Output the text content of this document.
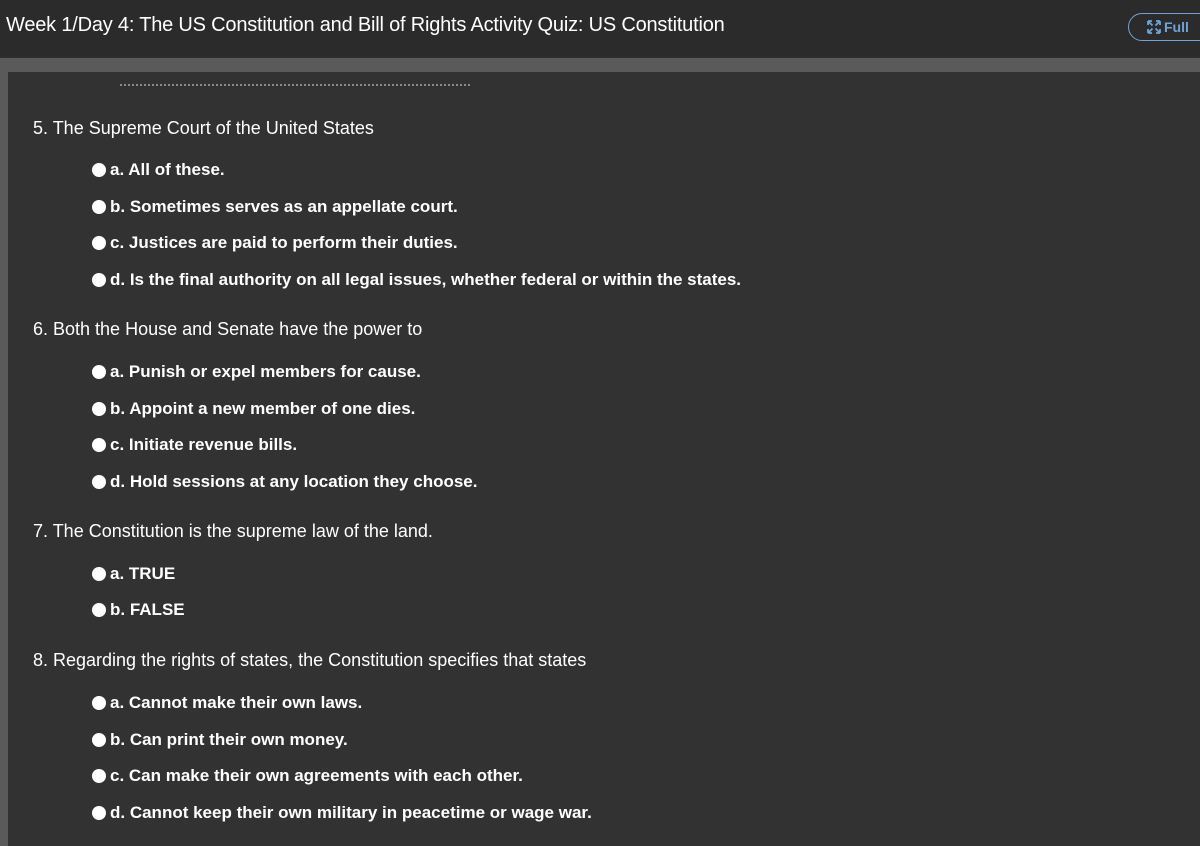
Week 1/Day 4: The US Constitution and Bill of Rights Activity Quiz: US Constitution	Full
5. The Supreme Court of the United States
a. All of these.
b. Sometimes serves as an appellate court.
c. Justices are paid to perform their duties.
d. Is the final authority on all legal issues, whether federal or within the states.
6. Both the House and Senate have the power to
a. Punish or expel members for cause.
b. Appoint a new member of one dies.
c. Initiate revenue bills.
d. Hold sessions at any location they choose.
7. The Constitution is the supreme law of the land.
a. TRUE
b. FALSE
8. Regarding the rights of states, the Constitution specifies that states
a. Cannot make their own laws.
b. Can print their own money.
c. Can make their own agreements with each other.
d. Cannot keep their own military in peacetime or wage war.
